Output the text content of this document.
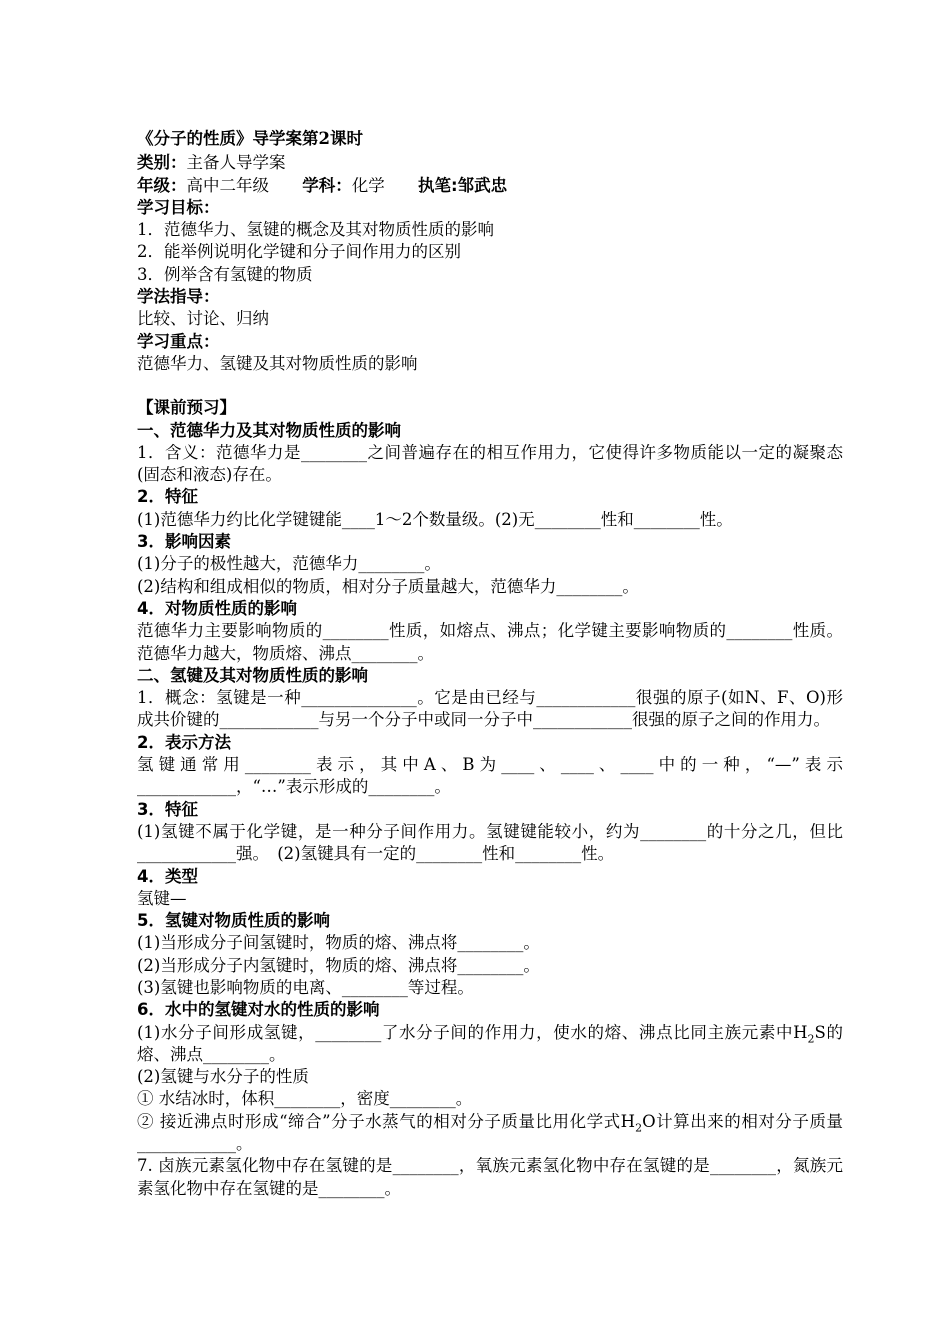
《分子的性质》导学案第2课时
类别：主备人导学案
年级：高中二年级 学科：化学 执笔:邹武忠
学习目标：
1．范德华力、氢键的概念及其对物质性质的影响
2．能举例说明化学键和分子间作用力的区别
3．例举含有氢键的物质
学法指导：
比较、讨论、归纳
学习重点：
范德华力、氢键及其对物质性质的影响
【课前预习】
一、范德华力及其对物质性质的影响
1．含义：范德华力是________之间普遍存在的相互作用力，它使得许多物质能以一定的凝聚态(固态和液态)存在。
2．特征
(1)范德华力约比化学键键能____1～2个数量级。(2)无________性和________性。
3．影响因素
(1)分子的极性越大，范德华力________。
(2)结构和组成相似的物质，相对分子质量越大，范德华力________。
4．对物质性质的影响
范德华力主要影响物质的________性质，如熔点、沸点；化学键主要影响物质的________性质。范德华力越大，物质熔、沸点________。
二、氢键及其对物质性质的影响
1．概念：氢键是一种______________。它是由已经与____________很强的原子(如N、F、O)形成共价键的____________与另一个分子中或同一分子中____________很强的原子之间的作用力。
2．表示方法
氢键通常用________表示，其中A、B为____、____、____中的一种，“—”表示____________，“…”表示形成的________。
3．特征
(1)氢键不属于化学键，是一种分子间作用力。氢键键能较小，约为________的十分之几，但比____________强。　(2)氢键具有一定的________性和________性。
4．类型
氢键—
5．氢键对物质性质的影响
(1)当形成分子间氢键时，物质的熔、沸点将________。
(2)当形成分子内氢键时，物质的熔、沸点将________。
(3)氢键也影响物质的电离、________等过程。
6．水中的氢键对水的性质的影响
(1)水分子间形成氢键，________了水分子间的作用力，使水的熔、沸点比同主族元素中$H_2S$的熔、沸点________。
(2)氢键与水分子的性质
① 水结冰时，体积________，密度________。
② 接近沸点时形成“缔合”分子水蒸气的相对分子质量比用化学式$H_2O$计算出来的相对分子质量____________。
7. 卤族元素氢化物中存在氢键的是________，氧族元素氢化物中存在氢键的是________，氮族元素氢化物中存在氢键的是________。
